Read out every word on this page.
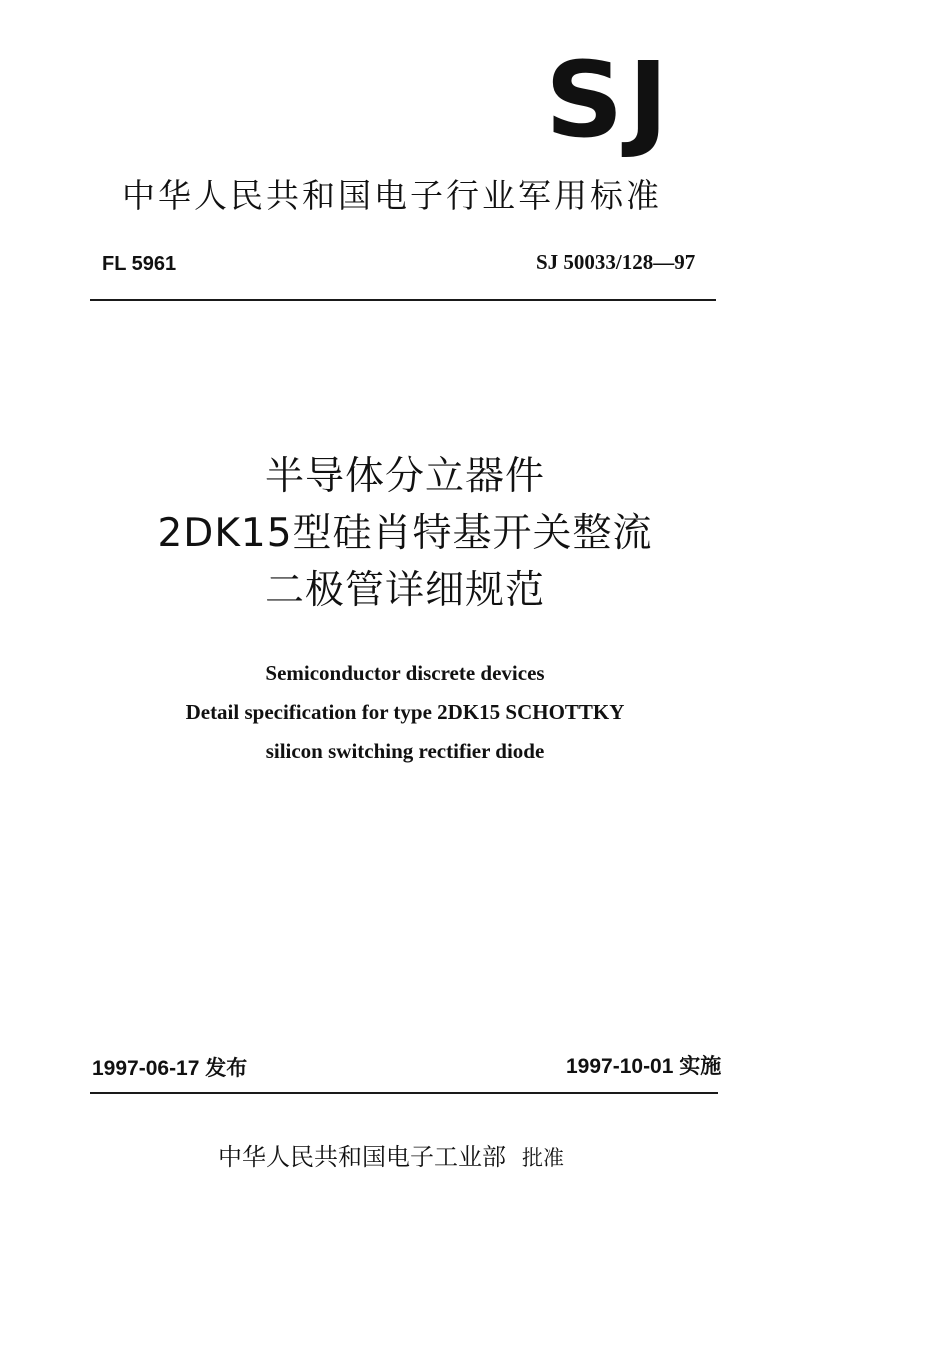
SJ
中华人民共和国电子行业军用标准
FL 5961	SJ 50033/128—97
半导体分立器件
2DK15型硅肖特基开关整流
二极管详细规范
Semiconductor discrete devices
Detail specification for type 2DK15 SCHOTTKY
silicon switching rectifier diode
1997-06-17 发布	1997-10-01 实施
中华人民共和国电子工业部 批准
